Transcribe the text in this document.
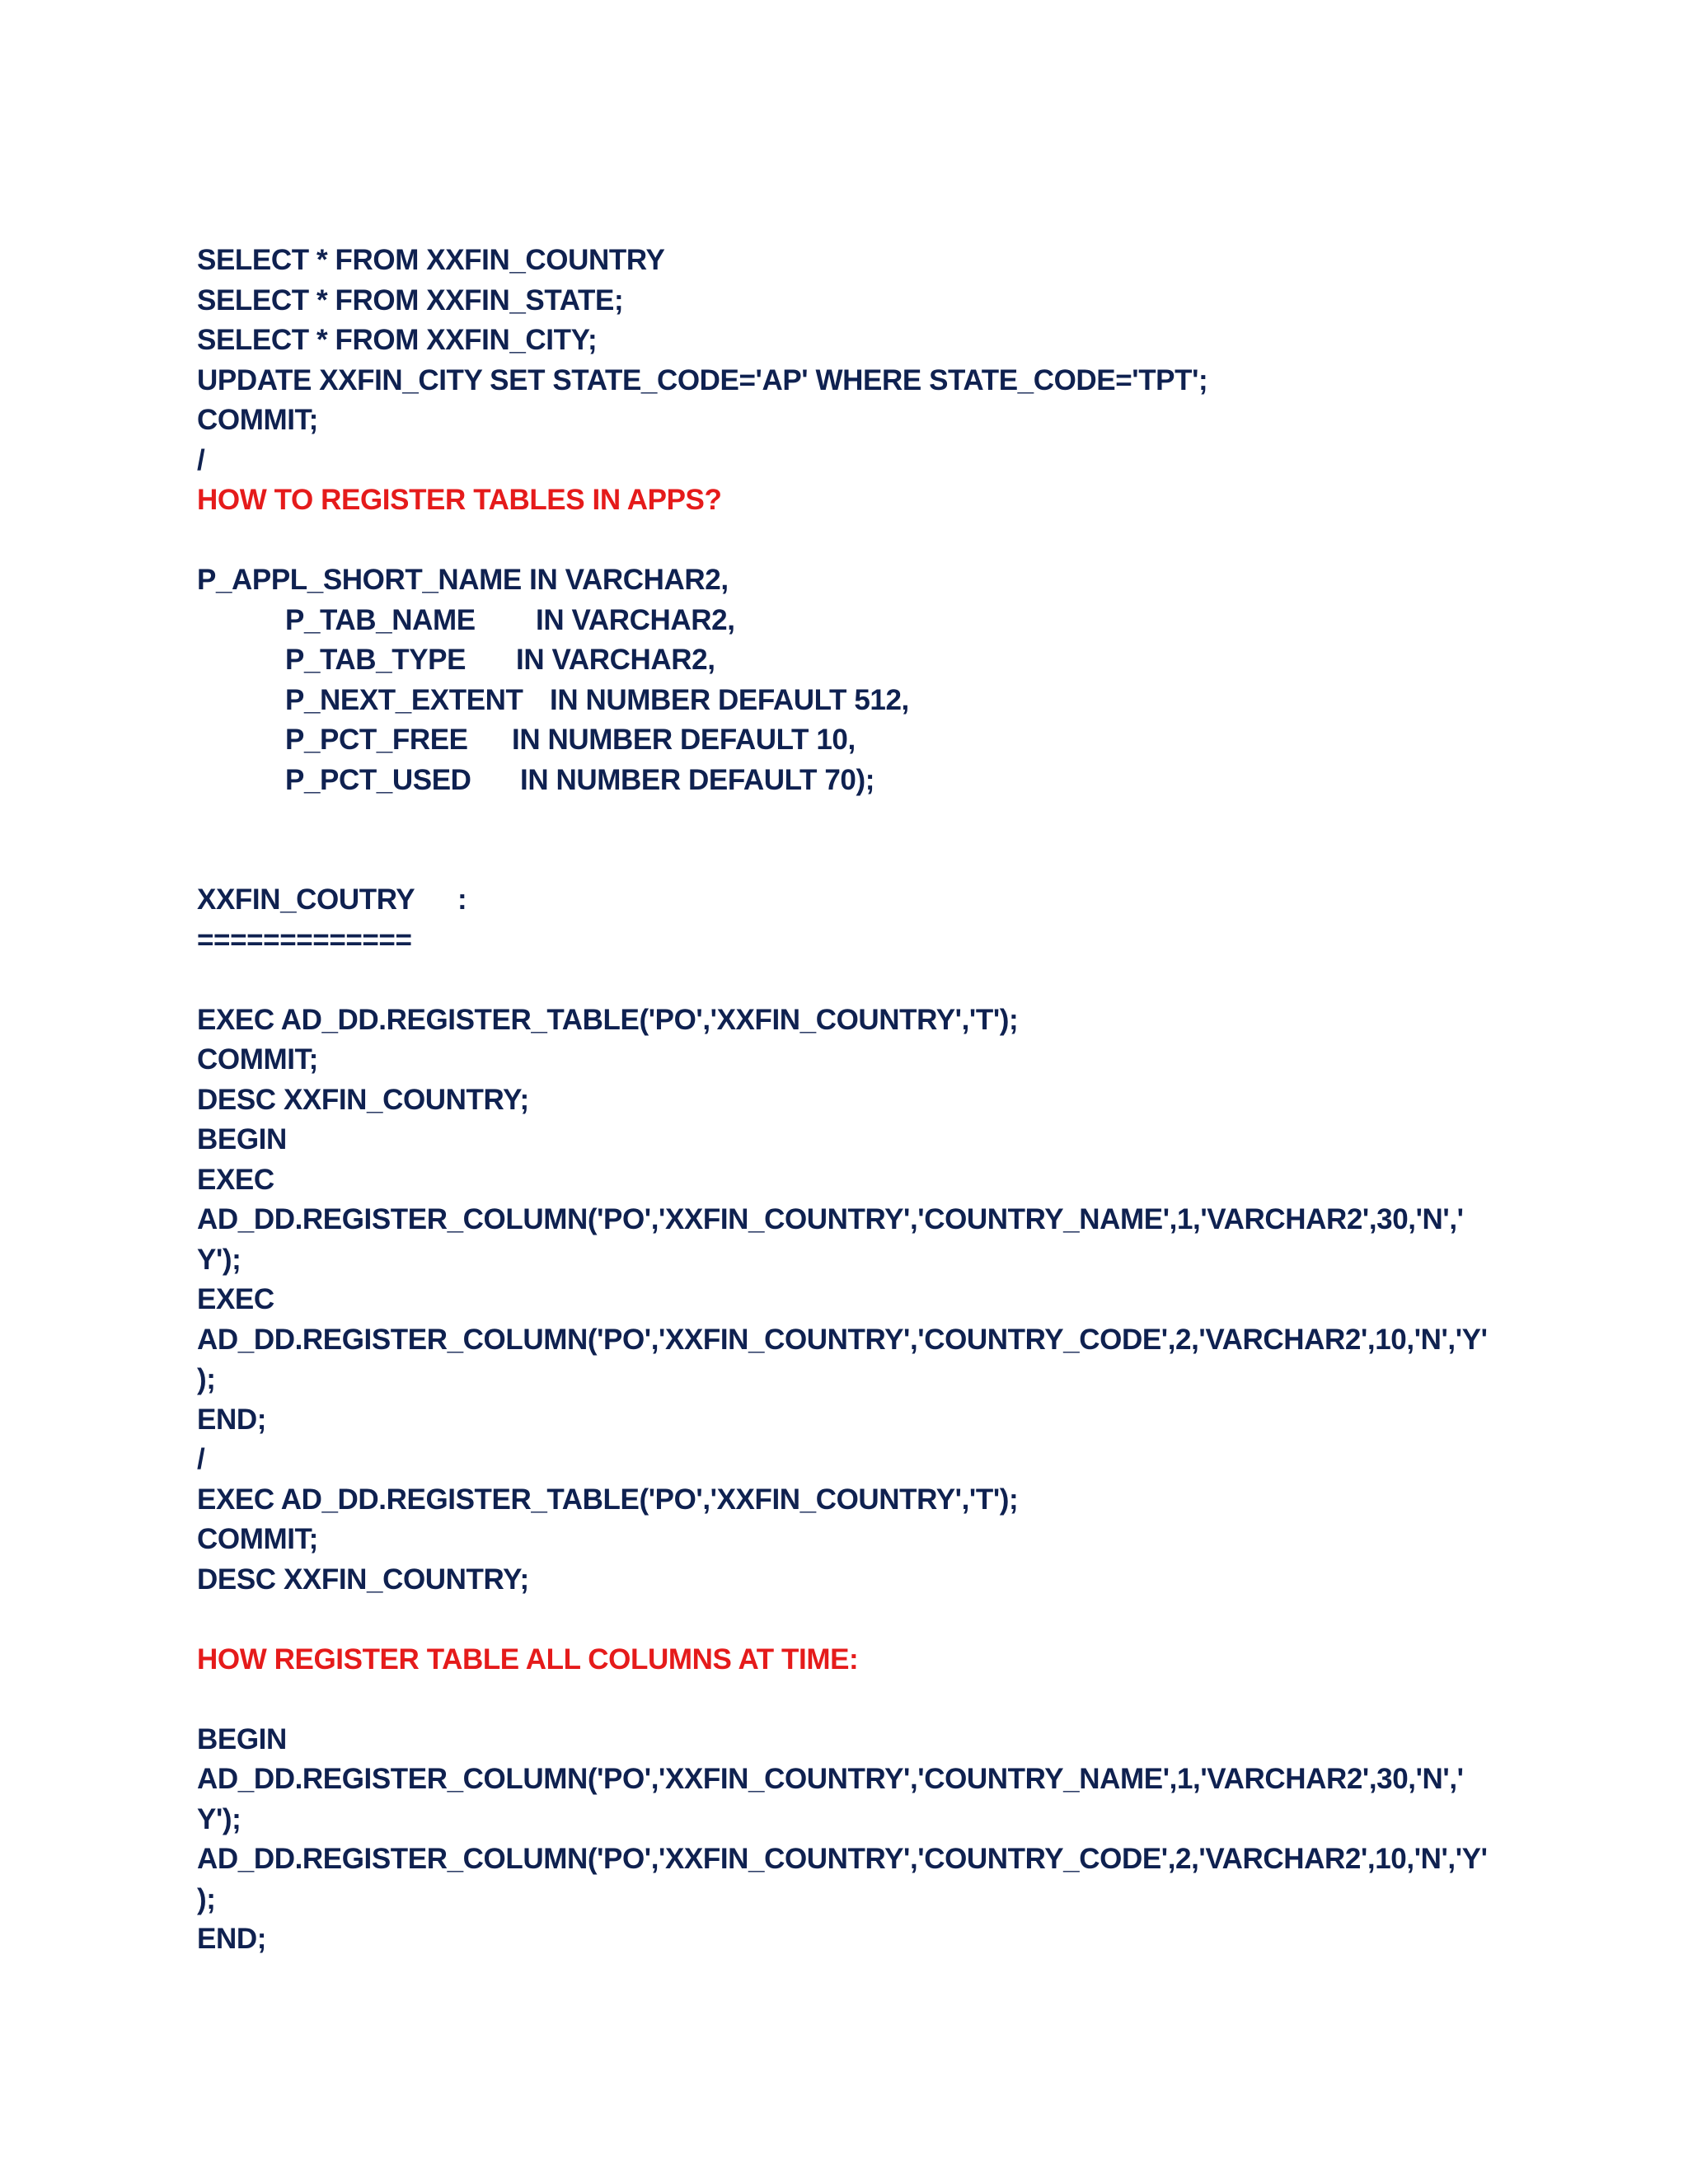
SELECT * FROM XXFIN_COUNTRY
SELECT * FROM XXFIN_STATE;
SELECT * FROM XXFIN_CITY;
UPDATE XXFIN_CITY SET STATE_CODE='AP' WHERE STATE_CODE='TPT';
COMMIT;
/
HOW TO REGISTER TABLES IN APPS?
P_APPL_SHORT_NAME IN VARCHAR2,
P_TAB_NAME IN VARCHAR2,
P_TAB_TYPE IN VARCHAR2,
P_NEXT_EXTENT IN NUMBER DEFAULT 512,
P_PCT_FREE IN NUMBER DEFAULT 10,
P_PCT_USED IN NUMBER DEFAULT 70);
XXFIN_COUTRY :
=============
EXEC AD_DD.REGISTER_TABLE('PO','XXFIN_COUNTRY','T');
COMMIT;
DESC XXFIN_COUNTRY;
BEGIN
EXEC
AD_DD.REGISTER_COLUMN('PO','XXFIN_COUNTRY','COUNTRY_NAME',1,'VARCHAR2',30,'N','
Y');
EXEC
AD_DD.REGISTER_COLUMN('PO','XXFIN_COUNTRY','COUNTRY_CODE',2,'VARCHAR2',10,'N','Y'
);
END;
/
EXEC AD_DD.REGISTER_TABLE('PO','XXFIN_COUNTRY','T');
COMMIT;
DESC XXFIN_COUNTRY;
HOW REGISTER TABLE ALL COLUMNS AT TIME:
BEGIN
AD_DD.REGISTER_COLUMN('PO','XXFIN_COUNTRY','COUNTRY_NAME',1,'VARCHAR2',30,'N','
Y');
AD_DD.REGISTER_COLUMN('PO','XXFIN_COUNTRY','COUNTRY_CODE',2,'VARCHAR2',10,'N','Y'
);
END;
